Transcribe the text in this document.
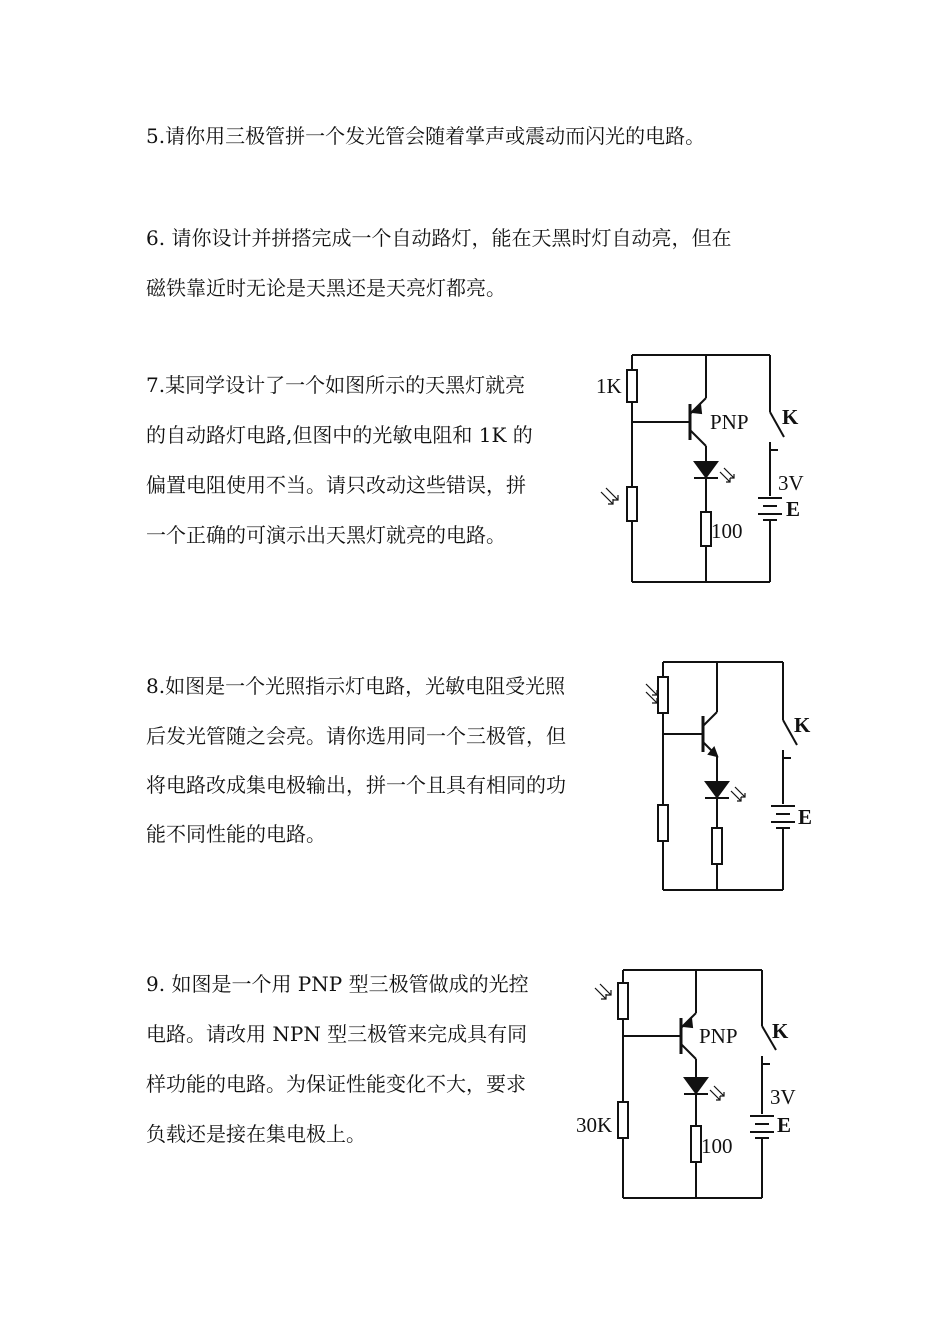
5.请你用三极管拼一个发光管会随着掌声或震动而闪光的电路。
6. 请你设计并拼搭完成一个自动路灯，能在天黑时灯自动亮，但在
磁铁靠近时无论是天黑还是天亮灯都亮。
7.某同学设计了一个如图所示的天黑灯就亮
的自动路灯电路,但图中的光敏电阻和 1K 的
偏置电阻使用不当。请只改动这些错误，拼
一个正确的可演示出天黑灯就亮的电路。
8.如图是一个光照指示灯电路，光敏电阻受光照
后发光管随之会亮。请你选用同一个三极管，但
将电路改成集电极输出，拼一个且具有相同的功
能不同性能的电路。
9. 如图是一个用 PNP 型三极管做成的光控
电路。请改用 NPN 型三极管来完成具有同
样功能的电路。为保证性能变化不大，要求
负载还是接在集电极上。
1K
PNP K
3V
E
100
K
E
PNP K
3V
E
30K
100
